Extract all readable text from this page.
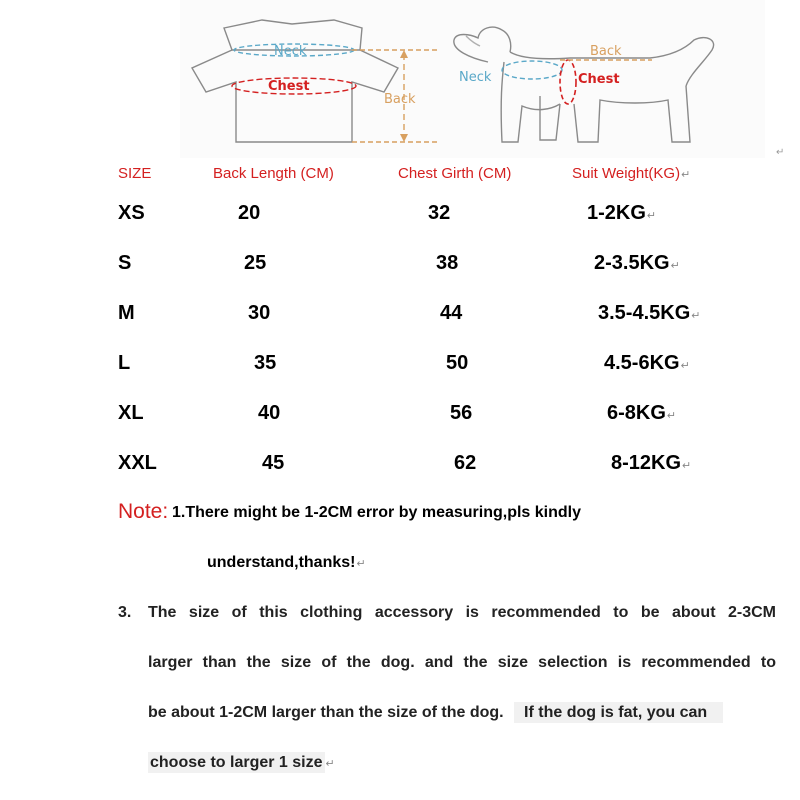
Neck
Chest
Back
Neck	Chest
Back
↵
SIZE	Back Length (CM)	Chest Girth (CM)	Suit Weight(KG)↵
XS	20	32	1-2KG↵
S	25	38	2-3.5KG↵
M	30	44	3.5-4.5KG↵
L	35	50	4.5-6KG↵
XL	40	56	6-8KG↵
XXL	45	62	8-12KG↵
Note: 1.There might be 1-2CM error by measuring,pls kindly
understand,thanks!↵
3. The size of this clothing accessory is recommended to be about 2-3CM
larger than the size of the dog. and the size selection is recommended to
be about 1-2CM larger than the size of the dog. If the dog is fat, you can
choose to larger 1 size ↵
